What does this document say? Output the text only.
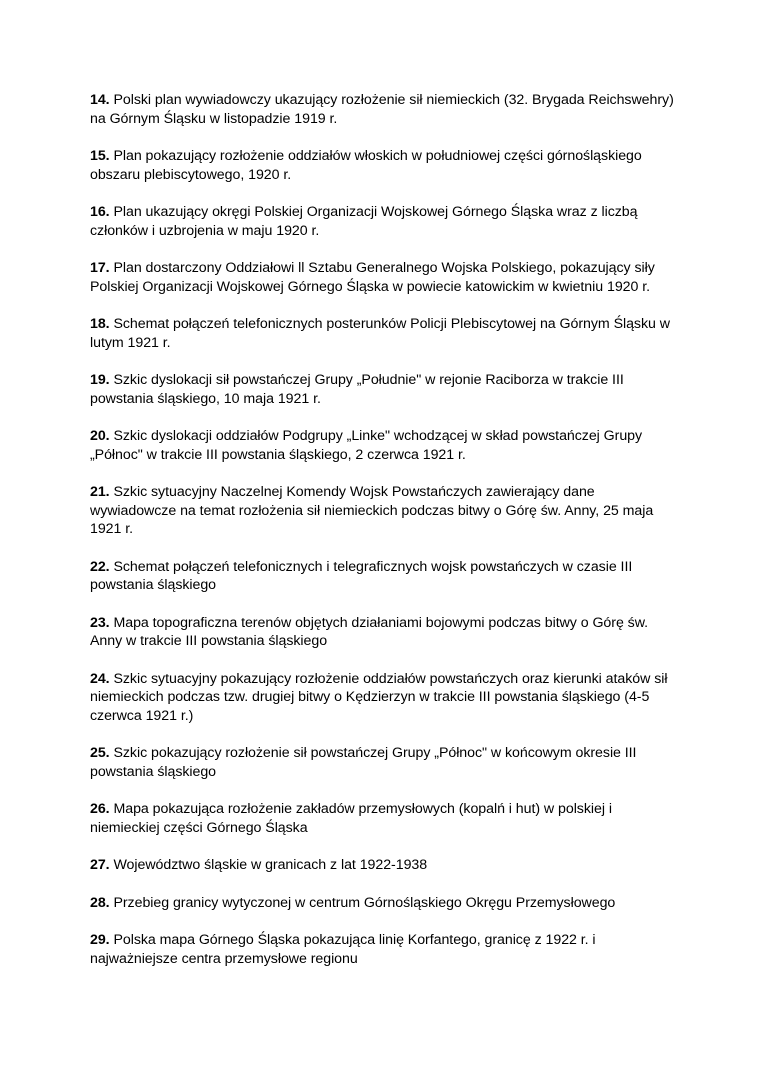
14. Polski plan wywiadowczy ukazujący rozłożenie sił niemieckich (32. Brygada Reichswehry) na Górnym Śląsku w listopadzie 1919 r.

15. Plan pokazujący rozłożenie oddziałów włoskich w południowej części górnośląskiego obszaru plebiscytowego, 1920 r.

16. Plan ukazujący okręgi Polskiej Organizacji Wojskowej Górnego Śląska wraz z liczbą członków i uzbrojenia w maju 1920 r.

17. Plan dostarczony Oddziałowi ll Sztabu Generalnego Wojska Polskiego, pokazujący siły Polskiej Organizacji Wojskowej Górnego Śląska w powiecie katowickim w kwietniu 1920 r.

18. Schemat połączeń telefonicznych posterunków Policji Plebiscytowej na Górnym Śląsku w lutym 1921 r.

19. Szkic dyslokacji sił powstańczej Grupy „Południe" w rejonie Raciborza w trakcie III powstania śląskiego, 10 maja 1921 r.

20. Szkic dyslokacji oddziałów Podgrupy „Linke" wchodzącej w skład powstańczej Grupy „Północ" w trakcie III powstania śląskiego, 2 czerwca 1921 r.

21. Szkic sytuacyjny Naczelnej Komendy Wojsk Powstańczych zawierający dane wywiadowcze na temat rozłożenia sił niemieckich podczas bitwy o Górę św. Anny, 25 maja 1921 r.

22. Schemat połączeń telefonicznych i telegraficznych wojsk powstańczych w czasie III powstania śląskiego

23. Mapa topograficzna terenów objętych działaniami bojowymi podczas bitwy o Górę św. Anny w trakcie III powstania śląskiego

24. Szkic sytuacyjny pokazujący rozłożenie oddziałów powstańczych oraz kierunki ataków sił niemieckich podczas tzw. drugiej bitwy o Kędzierzyn w trakcie III powstania śląskiego (4-5 czerwca 1921 r.)

25. Szkic pokazujący rozłożenie sił powstańczej Grupy „Północ" w końcowym okresie III powstania śląskiego

26. Mapa pokazująca rozłożenie zakładów przemysłowych (kopalń i hut) w polskiej i niemieckiej części Górnego Śląska

27. Województwo śląskie w granicach z lat 1922-1938

28. Przebieg granicy wytyczonej w centrum Górnośląskiego Okręgu Przemysłowego

29. Polska mapa Górnego Śląska pokazująca linię Korfantego, granicę z 1922 r. i najważniejsze centra przemysłowe regionu
